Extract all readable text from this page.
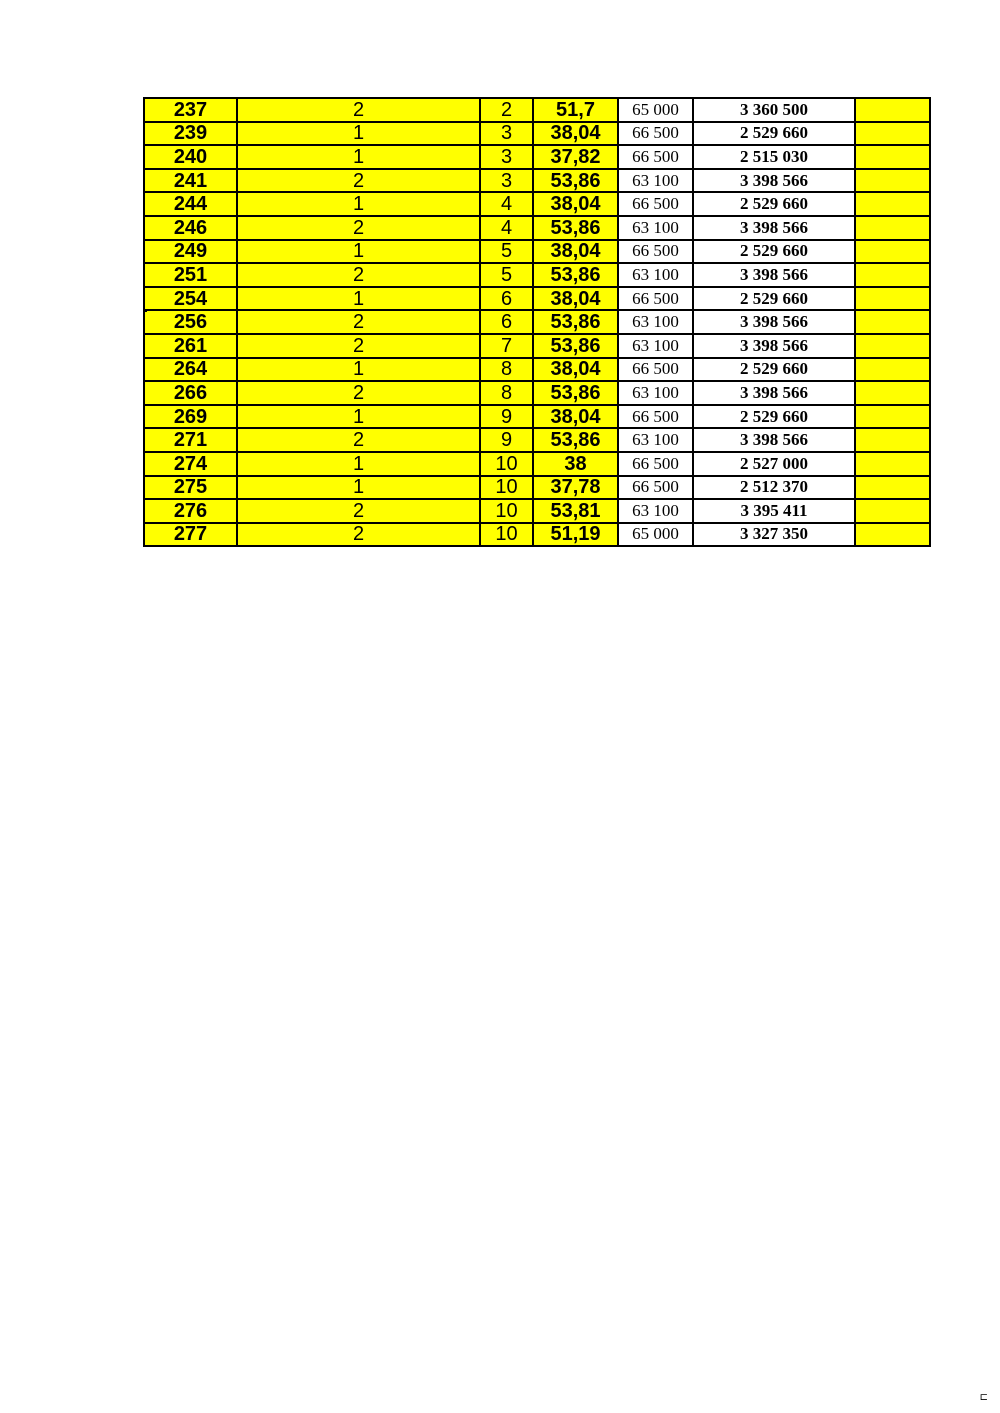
237	2	2	51,7	65 000	3 360 500	
239	1	3	38,04	66 500	2 529 660	
240	1	3	37,82	66 500	2 515 030	
241	2	3	53,86	63 100	3 398 566	
244	1	4	38,04	66 500	2 529 660	
246	2	4	53,86	63 100	3 398 566	
249	1	5	38,04	66 500	2 529 660	
251	2	5	53,86	63 100	3 398 566	
254	1	6	38,04	66 500	2 529 660	
256	2	6	53,86	63 100	3 398 566	
261	2	7	53,86	63 100	3 398 566	
264	1	8	38,04	66 500	2 529 660	
266	2	8	53,86	63 100	3 398 566	
269	1	9	38,04	66 500	2 529 660	
271	2	9	53,86	63 100	3 398 566	
274	1	10	38	66 500	2 527 000	
275	1	10	37,78	66 500	2 512 370	
276	2	10	53,81	63 100	3 395 411	
277	2	10	51,19	65 000	3 327 350	
⊏
